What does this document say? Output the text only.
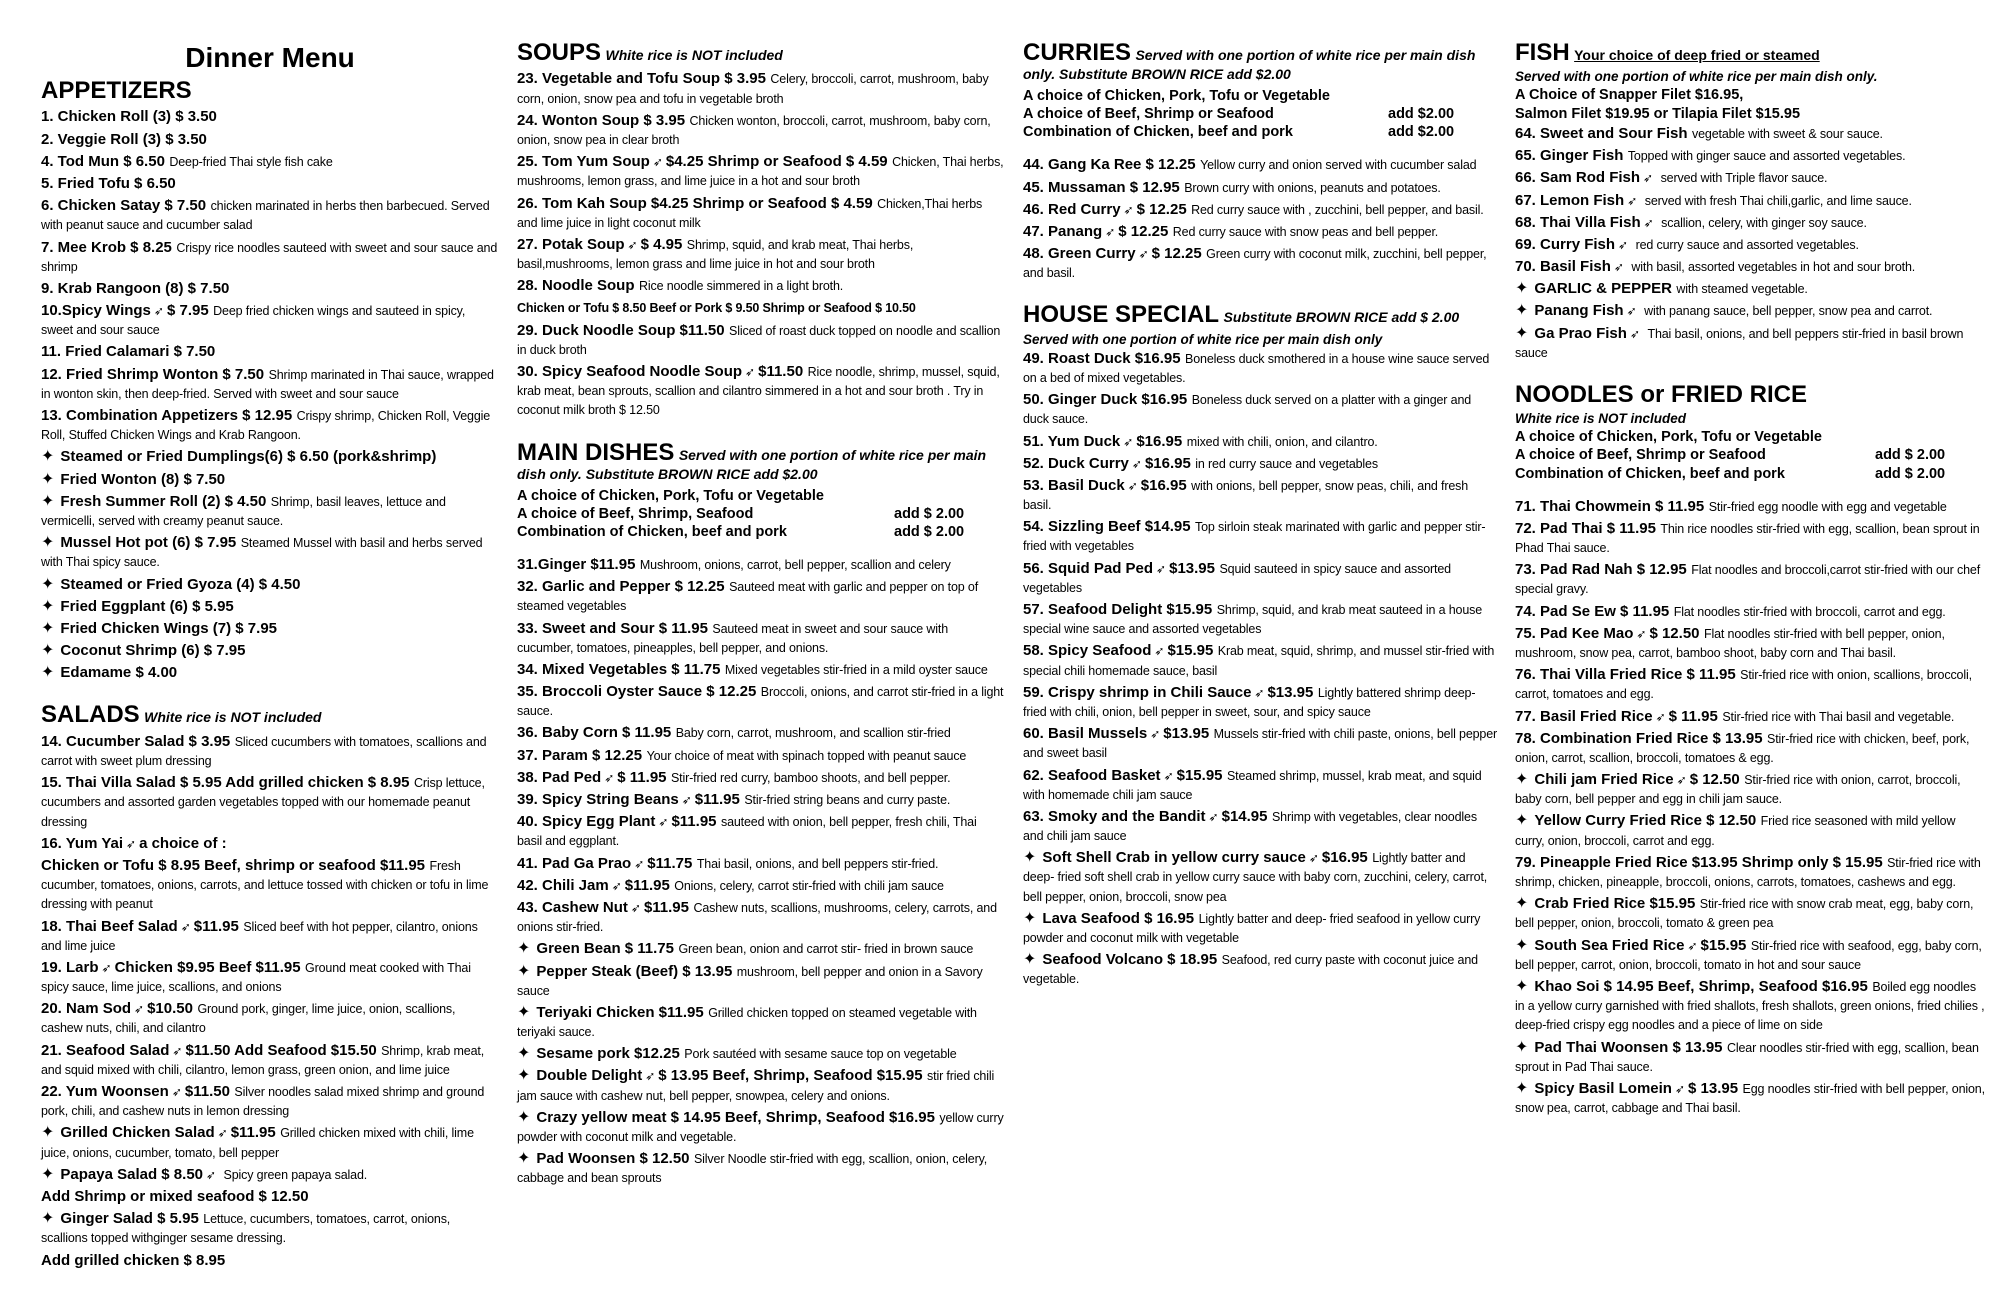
Dinner Menu
APPETIZERS
1. Chicken Roll (3) $ 3.50
2. Veggie Roll (3) $ 3.50
4. Tod Mun $ 6.50 Deep-fried Thai style fish cake
5. Fried Tofu $ 6.50
6. Chicken Satay $ 7.50 chicken marinated in herbs then barbecued. Served with peanut sauce and cucumber salad
7. Mee Krob $ 8.25 Crispy rice noodles sauteed with sweet and sour sauce and shrimp
9. Krab Rangoon (8) $ 7.50
10.Spicy Wings ➶ $ 7.95 Deep fried chicken wings and sauteed in spicy, sweet and sour sauce
11. Fried Calamari $ 7.50
12. Fried Shrimp Wonton $ 7.50 Shrimp marinated in Thai sauce, wrapped in wonton skin, then deep-fried. Served with sweet and sour sauce
13. Combination Appetizers $ 12.95 Crispy shrimp, Chicken Roll, Veggie Roll, Stuffed Chicken Wings and Krab Rangoon.
✦ Steamed or Fried Dumplings(6) $ 6.50 (pork&shrimp)
✦ Fried Wonton (8) $ 7.50
✦ Fresh Summer Roll (2) $ 4.50 Shrimp, basil leaves, lettuce and vermicelli, served with creamy peanut sauce.
✦ Mussel Hot pot (6) $ 7.95 Steamed Mussel with basil and herbs served with Thai spicy sauce.
✦ Steamed or Fried Gyoza (4) $ 4.50
✦ Fried Eggplant (6) $ 5.95
✦ Fried Chicken Wings (7) $ 7.95
✦ Coconut Shrimp (6) $ 7.95
✦ Edamame $ 4.00
SALADS White rice is NOT included
14. Cucumber Salad $ 3.95 Sliced cucumbers with tomatoes, scallions and carrot with sweet plum dressing
15. Thai Villa Salad $ 5.95 Add grilled chicken $ 8.95 Crisp lettuce, cucumbers and assorted garden vegetables topped with our homemade peanut dressing
16. Yum Yai ➶ a choice of :
Chicken or Tofu $ 8.95 Beef, shrimp or seafood $11.95 Fresh cucumber, tomatoes, onions, carrots, and lettuce tossed with chicken or tofu in lime dressing with peanut
18. Thai Beef Salad ➶ $11.95 Sliced beef with hot pepper, cilantro, onions and lime juice
19. Larb ➶ Chicken $9.95 Beef $11.95 Ground meat cooked with Thai spicy sauce, lime juice, scallions, and onions
20. Nam Sod ➶ $10.50 Ground pork, ginger, lime juice, onion, scallions, cashew nuts, chili, and cilantro
21. Seafood Salad ➶ $11.50 Add Seafood $15.50 Shrimp, krab meat, and squid mixed with chili, cilantro, lemon grass, green onion, and lime juice
22. Yum Woonsen ➶ $11.50 Silver noodles salad mixed shrimp and ground pork, chili, and cashew nuts in lemon dressing
✦ Grilled Chicken Salad ➶ $11.95 Grilled chicken mixed with chili, lime juice, onions, cucumber, tomato, bell pepper
✦ Papaya Salad $ 8.50 ➶ Spicy green papaya salad.
Add Shrimp or mixed seafood $ 12.50
✦ Ginger Salad $ 5.95 Lettuce, cucumbers, tomatoes, carrot, onions, scallions topped withginger sesame dressing.
Add grilled chicken $ 8.95
SOUPS White rice is NOT included
23. Vegetable and Tofu Soup $ 3.95 Celery, broccoli, carrot, mushroom, baby corn, onion, snow pea and tofu in vegetable broth
24. Wonton Soup $ 3.95 Chicken wonton, broccoli, carrot, mushroom, baby corn, onion, snow pea in clear broth
25. Tom Yum Soup ➶ $4.25 Shrimp or Seafood $ 4.59 Chicken, Thai herbs, mushrooms, lemon grass, and lime juice in a hot and sour broth
26. Tom Kah Soup $4.25 Shrimp or Seafood $ 4.59 Chicken,Thai herbs and lime juice in light coconut milk
27. Potak Soup ➶ $ 4.95 Shrimp, squid, and krab meat, Thai herbs, basil,mushrooms, lemon grass and lime juice in hot and sour broth
28. Noodle Soup Rice noodle simmered in a light broth.
Chicken or Tofu $ 8.50 Beef or Pork $ 9.50 Shrimp or Seafood $ 10.50
29. Duck Noodle Soup $11.50 Sliced of roast duck topped on noodle and scallion in duck broth
30. Spicy Seafood Noodle Soup ➶ $11.50 Rice noodle, shrimp, mussel, squid, krab meat, bean sprouts, scallion and cilantro simmered in a hot and sour broth . Try in coconut milk broth $ 12.50
MAIN DISHES Served with one portion of white rice per main dish only. Substitute BROWN RICE add $2.00
A choice of Chicken, Pork, Tofu or Vegetable
A choice of Beef, Shrimp, Seafood	add $ 2.00
Combination of Chicken, beef and pork	add $ 2.00
31.Ginger $11.95 Mushroom, onions, carrot, bell pepper, scallion and celery
32. Garlic and Pepper $ 12.25 Sauteed meat with garlic and pepper on top of steamed vegetables
33. Sweet and Sour $ 11.95 Sauteed meat in sweet and sour sauce with cucumber, tomatoes, pineapples, bell pepper, and onions.
34. Mixed Vegetables $ 11.75 Mixed vegetables stir-fried in a mild oyster sauce
35. Broccoli Oyster Sauce $ 12.25 Broccoli, onions, and carrot stir-fried in a light sauce.
36. Baby Corn $ 11.95 Baby corn, carrot, mushroom, and scallion stir-fried
37. Param $ 12.25 Your choice of meat with spinach topped with peanut sauce
38. Pad Ped ➶ $ 11.95 Stir-fried red curry, bamboo shoots, and bell pepper.
39. Spicy String Beans ➶ $11.95 Stir-fried string beans and curry paste.
40. Spicy Egg Plant ➶ $11.95 sauteed with onion, bell pepper, fresh chili, Thai basil and eggplant.
41. Pad Ga Prao ➶ $11.75 Thai basil, onions, and bell peppers stir-fried.
42. Chili Jam ➶ $11.95 Onions, celery, carrot stir-fried with chili jam sauce
43. Cashew Nut ➶ $11.95 Cashew nuts, scallions, mushrooms, celery, carrots, and onions stir-fried.
✦ Green Bean $ 11.75 Green bean, onion and carrot stir- fried in brown sauce
✦ Pepper Steak (Beef) $ 13.95 mushroom, bell pepper and onion in a Savory sauce
✦ Teriyaki Chicken $11.95 Grilled chicken topped on steamed vegetable with teriyaki sauce.
✦ Sesame pork $12.25 Pork sautéed with sesame sauce top on vegetable
✦ Double Delight ➶ $ 13.95 Beef, Shrimp, Seafood $15.95 stir fried chili jam sauce with cashew nut, bell pepper, snowpea, celery and onions.
✦ Crazy yellow meat $ 14.95 Beef, Shrimp, Seafood $16.95 yellow curry powder with coconut milk and vegetable.
✦ Pad Woonsen $ 12.50 Silver Noodle stir-fried with egg, scallion, onion, celery, cabbage and bean sprouts
CURRIES Served with one portion of white rice per main dish only. Substitute BROWN RICE add $2.00
A choice of Chicken, Pork, Tofu or Vegetable
A choice of Beef, Shrimp or Seafood	add $2.00
Combination of Chicken, beef and pork	add $2.00
44. Gang Ka Ree $ 12.25 Yellow curry and onion served with cucumber salad
45. Mussaman $ 12.95 Brown curry with onions, peanuts and potatoes.
46. Red Curry ➶ $ 12.25 Red curry sauce with , zucchini, bell pepper, and basil.
47. Panang ➶ $ 12.25 Red curry sauce with snow peas and bell pepper.
48. Green Curry ➶ $ 12.25 Green curry with coconut milk, zucchini, bell pepper, and basil.
HOUSE SPECIAL Substitute BROWN RICE add $ 2.00
Served with one portion of white rice per main dish only
49. Roast Duck $16.95 Boneless duck smothered in a house wine sauce served on a bed of mixed vegetables.
50. Ginger Duck $16.95 Boneless duck served on a platter with a ginger and duck sauce.
51. Yum Duck ➶ $16.95 mixed with chili, onion, and cilantro.
52. Duck Curry ➶ $16.95 in red curry sauce and vegetables
53. Basil Duck ➶ $16.95 with onions, bell pepper, snow peas, chili, and fresh basil.
54. Sizzling Beef $14.95 Top sirloin steak marinated with garlic and pepper stir-fried with vegetables
56. Squid Pad Ped ➶ $13.95 Squid sauteed in spicy sauce and assorted vegetables
57. Seafood Delight $15.95 Shrimp, squid, and krab meat sauteed in a house special wine sauce and assorted vegetables
58. Spicy Seafood ➶ $15.95 Krab meat, squid, shrimp, and mussel stir-fried with special chili homemade sauce, basil
59. Crispy shrimp in Chili Sauce ➶ $13.95 Lightly battered shrimp deep-fried with chili, onion, bell pepper in sweet, sour, and spicy sauce
60. Basil Mussels ➶ $13.95 Mussels stir-fried with chili paste, onions, bell pepper and sweet basil
62. Seafood Basket ➶ $15.95 Steamed shrimp, mussel, krab meat, and squid with homemade chili jam sauce
63. Smoky and the Bandit ➶ $14.95 Shrimp with vegetables, clear noodles and chili jam sauce
✦ Soft Shell Crab in yellow curry sauce ➶ $16.95 Lightly batter and deep- fried soft shell crab in yellow curry sauce with baby corn, zucchini, celery, carrot, bell pepper, onion, broccoli, snow pea
✦ Lava Seafood $ 16.95 Lightly batter and deep- fried seafood in yellow curry powder and coconut milk with vegetable
✦ Seafood Volcano $ 18.95 Seafood, red curry paste with coconut juice and vegetable.
FISH Your choice of deep fried or steamed
Served with one portion of white rice per main dish only.
A Choice of Snapper Filet $16.95,
Salmon Filet $19.95 or Tilapia Filet $15.95
64. Sweet and Sour Fish vegetable with sweet & sour sauce.
65. Ginger Fish Topped with ginger sauce and assorted vegetables.
66. Sam Rod Fish ➶ served with Triple flavor sauce.
67. Lemon Fish ➶ served with fresh Thai chili,garlic, and lime sauce.
68. Thai Villa Fish ➶ scallion, celery, with ginger soy sauce.
69. Curry Fish ➶ red curry sauce and assorted vegetables.
70. Basil Fish ➶ with basil, assorted vegetables in hot and sour broth.
✦ GARLIC & PEPPER with steamed vegetable.
✦ Panang Fish ➶ with panang sauce, bell pepper, snow pea and carrot.
✦ Ga Prao Fish ➶ Thai basil, onions, and bell peppers stir-fried in basil brown sauce
NOODLES or FRIED RICE
White rice is NOT included
A choice of Chicken, Pork, Tofu or Vegetable
A choice of Beef, Shrimp or Seafood	add $ 2.00
Combination of Chicken, beef and pork	add $ 2.00
71. Thai Chowmein $ 11.95 Stir-fried egg noodle with egg and vegetable
72. Pad Thai $ 11.95 Thin rice noodles stir-fried with egg, scallion, bean sprout in Phad Thai sauce.
73. Pad Rad Nah $ 12.95 Flat noodles and broccoli,carrot stir-fried with our chef special gravy.
74. Pad Se Ew $ 11.95 Flat noodles stir-fried with broccoli, carrot and egg.
75. Pad Kee Mao ➶ $ 12.50 Flat noodles stir-fried with bell pepper, onion, mushroom, snow pea, carrot, bamboo shoot, baby corn and Thai basil.
76. Thai Villa Fried Rice $ 11.95 Stir-fried rice with onion, scallions, broccoli, carrot, tomatoes and egg.
77. Basil Fried Rice ➶ $ 11.95 Stir-fried rice with Thai basil and vegetable.
78. Combination Fried Rice $ 13.95 Stir-fried rice with chicken, beef, pork, onion, carrot, scallion, broccoli, tomatoes & egg.
✦ Chili jam Fried Rice ➶ $ 12.50 Stir-fried rice with onion, carrot, broccoli, baby corn, bell pepper and egg in chili jam sauce.
✦ Yellow Curry Fried Rice $ 12.50 Fried rice seasoned with mild yellow curry, onion, broccoli, carrot and egg.
79. Pineapple Fried Rice $13.95 Shrimp only $ 15.95 Stir-fried rice with shrimp, chicken, pineapple, broccoli, onions, carrots, tomatoes, cashews and egg.
✦ Crab Fried Rice $15.95 Stir-fried rice with snow crab meat, egg, baby corn, bell pepper, onion, broccoli, tomato & green pea
✦ South Sea Fried Rice ➶ $15.95 Stir-fried rice with seafood, egg, baby corn, bell pepper, carrot, onion, broccoli, tomato in hot and sour sauce
✦ Khao Soi $ 14.95 Beef, Shrimp, Seafood $16.95 Boiled egg noodles in a yellow curry garnished with fried shallots, fresh shallots, green onions, fried chilies , deep-fried crispy egg noodles and a piece of lime on side
✦ Pad Thai Woonsen $ 13.95 Clear noodles stir-fried with egg, scallion, bean sprout in Pad Thai sauce.
✦ Spicy Basil Lomein ➶ $ 13.95 Egg noodles stir-fried with bell pepper, onion, snow pea, carrot, cabbage and Thai basil.
